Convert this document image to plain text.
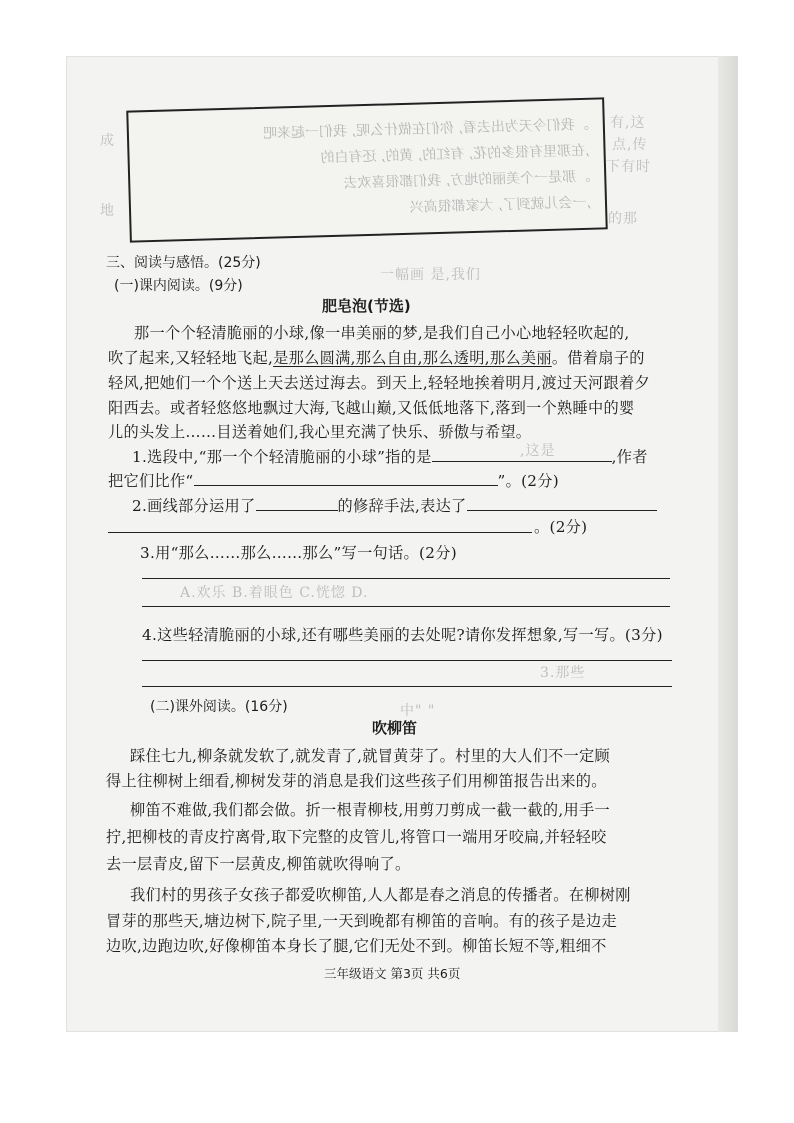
有,这
点,传
下有时
的那
成
地
一幅画 是,我们
,这是
A.欢乐 B.着眼色 C.恍惚 D.
3.那些
中" "
。我们今天为出去看, 你们在做什么呢, 我们一起来吧
,在那里有很多的花, 有红的, 黄的, 还有白的
。那是一个美丽的地方, 我们都很喜欢去
,一会儿就到了, 大家都很高兴
三、阅读与感悟。(25分)
(一)课内阅读。(9分)
肥皂泡(节选)
那一个个轻清脆丽的小球,像一串美丽的梦,是我们自己小心地轻轻吹起的,
吹了起来,又轻轻地飞起,是那么圆满,那么自由,那么透明,那么美丽。借着扇子的
轻风,把她们一个个送上天去送过海去。到天上,轻轻地挨着明月,渡过天河跟着夕
阳西去。或者轻悠悠地飘过大海,飞越山巅,又低低地落下,落到一个熟睡中的婴
儿的头发上……目送着她们,我心里充满了快乐、骄傲与希望。
1.选段中,“那一个个轻清脆丽的小球”指的是	,作者
把它们比作“	”。(2分)
2.画线部分运用了	的修辞手法,表达了
。(2分)
3.用“那么……那么……那么”写一句话。(2分)
4.这些轻清脆丽的小球,还有哪些美丽的去处呢?请你发挥想象,写一写。(3分)
(二)课外阅读。(16分)
吹柳笛
踩住七九,柳条就发软了,就发青了,就冒黄芽了。村里的大人们不一定顾
得上往柳树上细看,柳树发芽的消息是我们这些孩子们用柳笛报告出来的。
柳笛不难做,我们都会做。折一根青柳枝,用剪刀剪成一截一截的,用手一
拧,把柳枝的青皮拧离骨,取下完整的皮管儿,将管口一端用牙咬扁,并轻轻咬
去一层青皮,留下一层黄皮,柳笛就吹得响了。
我们村的男孩子女孩子都爱吹柳笛,人人都是春之消息的传播者。在柳树刚
冒芽的那些天,塘边树下,院子里,一天到晚都有柳笛的音响。有的孩子是边走
边吹,边跑边吹,好像柳笛本身长了腿,它们无处不到。柳笛长短不等,粗细不
三年级语文 第3页 共6页
